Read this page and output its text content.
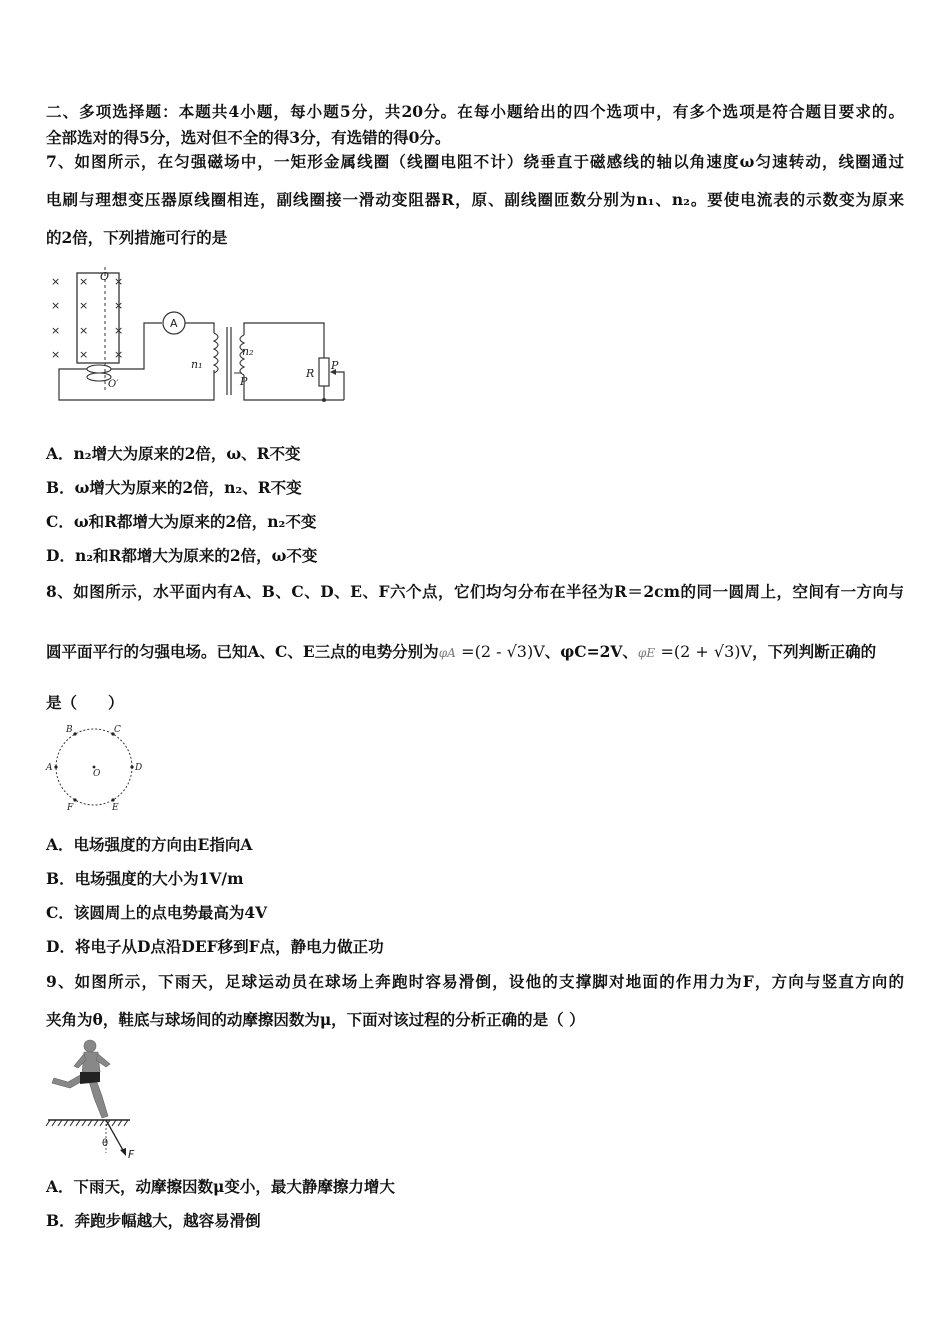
二、多项选择题：本题共4小题，每小题5分，共20分。在每小题给出的四个选项中，有多个选项是符合题目要求的。
全部选对的得5分，选对但不全的得3分，有选错的得0分。
7、如图所示，在匀强磁场中，一矩形金属线圈（线圈电阻不计）绕垂直于磁感线的轴以角速度ω匀速转动，线圈通过
电刷与理想变压器原线圈相连，副线圈接一滑动变阻器R，原、副线圈匝数分别为n₁、n₂。要使电流表的示数变为原来
的2倍，下列措施可行的是
×
×
×
×
×
×
×
×
×
×
×
×
O
O′
A
n₁
n₂
P
R
P
A．n₂增大为原来的2倍，ω、R不变
B．ω增大为原来的2倍，n₂、R不变
C．ω和R都增大为原来的2倍，n₂不变
D．n₂和R都增大为原来的2倍，ω不变
8、如图所示，水平面内有A、B、C、D、E、F六个点，它们均匀分布在半径为R＝2cm的同一圆周上，空间有一方向与
圆平面平行的匀强电场。已知A、C、E三点的电势分别为φA =(2 - √3)V、φC=2V、φE =(2 + √3)V，下列判断正确的
是（　　）
A
B	C
D
E
F
O
A．电场强度的方向由E指向A
B．电场强度的大小为1V/m
C．该圆周上的点电势最高为4V
D．将电子从D点沿DEF移到F点，静电力做正功
9、如图所示，下雨天，足球运动员在球场上奔跑时容易滑倒，设他的支撑脚对地面的作用力为F，方向与竖直方向的
夹角为θ，鞋底与球场间的动摩擦因数为μ，下面对该过程的分析正确的是（ ）
θ
F
A．下雨天，动摩擦因数μ变小，最大静摩擦力增大
B．奔跑步幅越大，越容易滑倒
